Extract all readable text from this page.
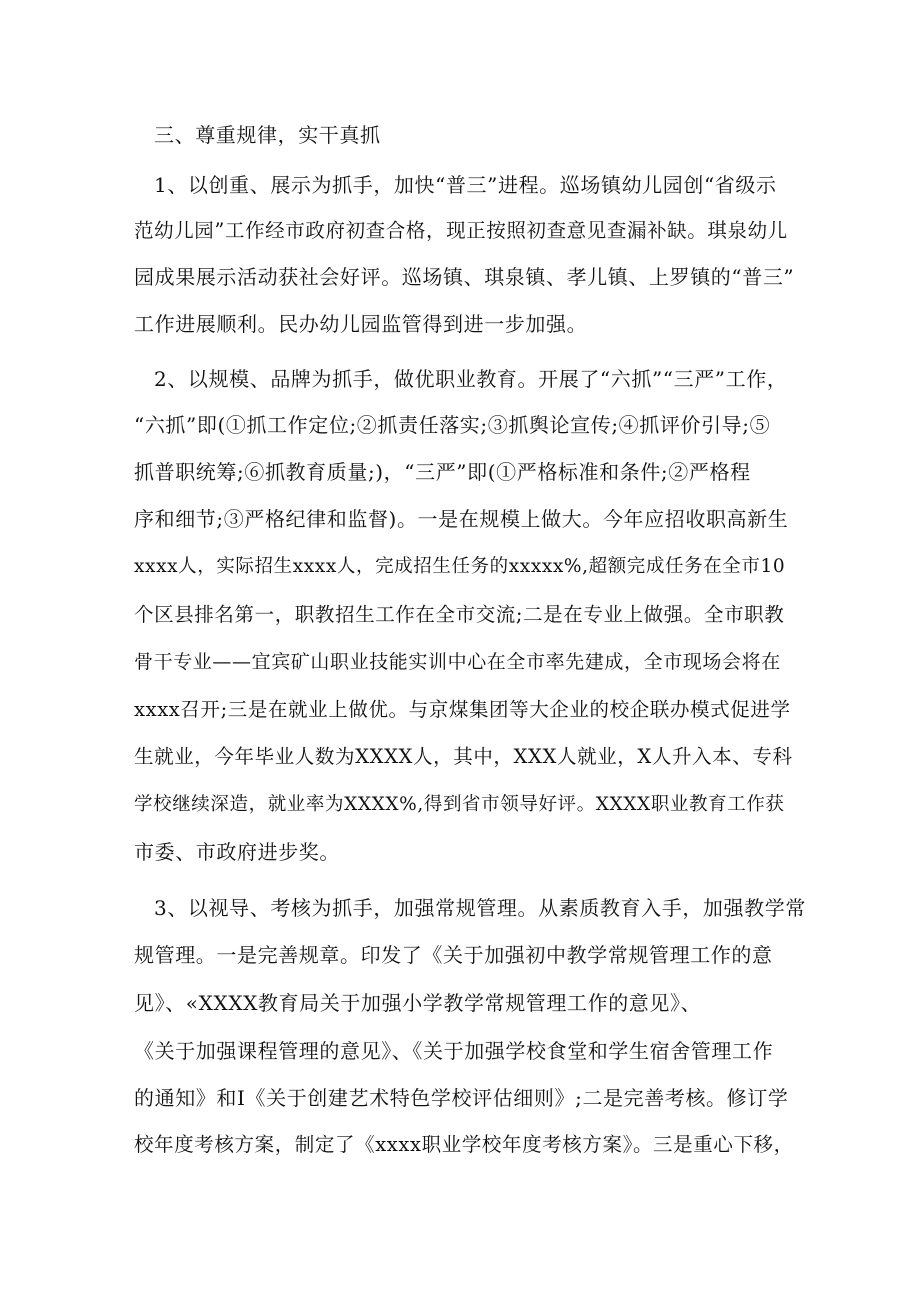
三、尊重规律，实干真抓
1、以创重、展示为抓手，加快“普三”进程。巡场镇幼儿园创“省级示
范幼儿园”工作经市政府初查合格，现正按照初查意见查漏补缺。琪泉幼儿
园成果展示活动获社会好评。巡场镇、琪泉镇、孝儿镇、上罗镇的“普三”
工作进展顺利。民办幼儿园监管得到进一步加强。
2、以规模、品牌为抓手，做优职业教育。开展了“六抓”“三严”工作，
“六抓”即(①抓工作定位;②抓责任落实;③抓舆论宣传;④抓评价引导;⑤
抓普职统筹;⑥抓教育质量;)，“三严”即(①严格标准和条件;②严格程
序和细节;③严格纪律和监督)。一是在规模上做大。今年应招收职高新生
xxxx人，实际招生xxxx人，完成招生任务的xxxxx%,超额完成任务在全市10
个区县排名第一，职教招生工作在全市交流;二是在专业上做强。全市职教
骨干专业——宜宾矿山职业技能实训中心在全市率先建成，全市现场会将在
xxxx召开;三是在就业上做优。与京煤集团等大企业的校企联办模式促进学
生就业，今年毕业人数为XXXX人，其中，XXX人就业，X人升入本、专科
学校继续深造，就业率为XXXX%,得到省市领导好评。XXXX职业教育工作获
市委、市政府进步奖。
3、以视导、考核为抓手，加强常规管理。从素质教育入手，加强教学常
规管理。一是完善规章。印发了《关于加强初中教学常规管理工作的意
见》、«XXXX教育局关于加强小学教学常规管理工作的意见》、
《关于加强课程管理的意见》、《关于加强学校食堂和学生宿舍管理工作
的通知》和I《关于创建艺术特色学校评估细则》;二是完善考核。修订学
校年度考核方案，制定了《xxxx职业学校年度考核方案》。三是重心下移，
